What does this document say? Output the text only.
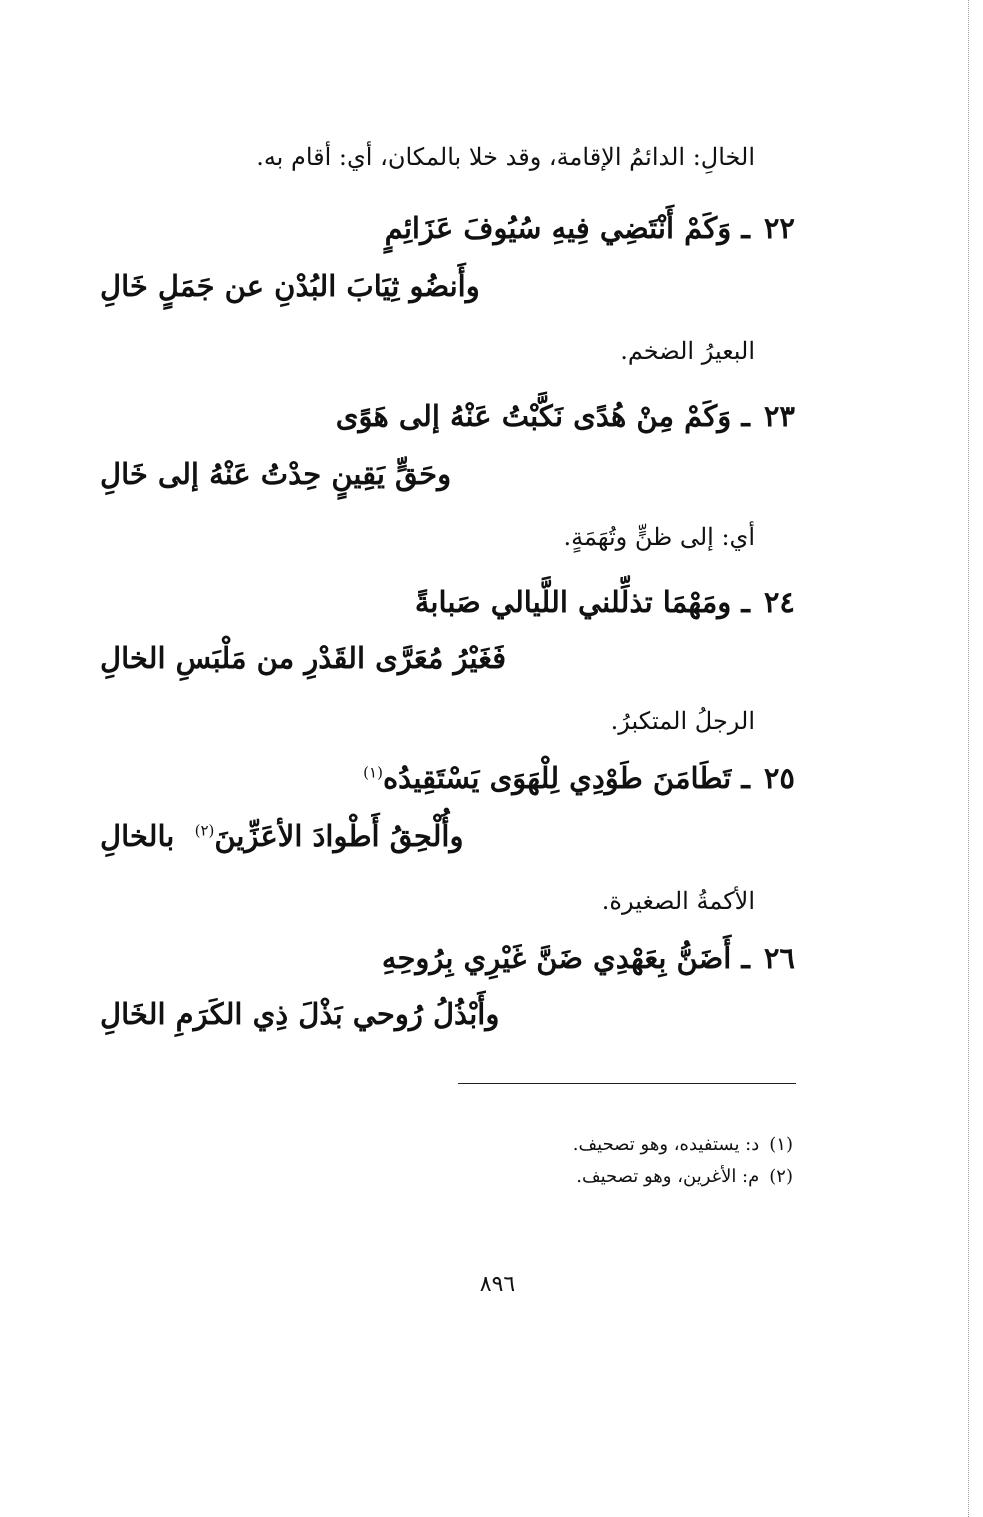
الخالِ: الدائمُ الإقامة، وقد خلا بالمكان، أي: أقام به.
٢٢ـ وَكَمْ أَنْتَضِي فِيهِ سُيُوفَ عَزَائِمٍ
وأَنضُو ثِيَابَ البُدْنِ عن جَمَلٍ خَالِ
البعيرُ الضخم.
٢٣ـ وَكَمْ مِنْ هُدًى نَكَّبْتُ عَنْهُ إلى هَوًى
وحَقٍّ يَقِينٍ حِدْتُ عَنْهُ إلى خَالِ
أي: إلى ظنٍّ وتُهَمَةٍ.
٢٤ـ ومَهْمَا تذلِّلني اللَّيالي صَبابةً
فَغَيْرُ مُعَرَّى القَدْرِ من مَلْبَسِ الخالِ
الرجلُ المتكبرُ.
٢٥ـ تَطَامَنَ طَوْدِي لِلْهَوَى يَسْتَقِيدُه$^{(١)}$
وأُلْحِقُ أَطْوادَ الأعَزِّينَ$^{(٢)}$  بالخالِ
الأكمةُ الصغيرة.
٢٦ـ أَضَنُّ بِعَهْدِي ضَنَّ غَيْرِي بِرُوحِهِ
وأَبْذُلُ رُوحي بَذْلَ ذِي الكَرَمِ الخَالِ
(١)د: يستفيده، وهو تصحيف.
(٢)م: الأغرين، وهو تصحيف.
٨٩٦
